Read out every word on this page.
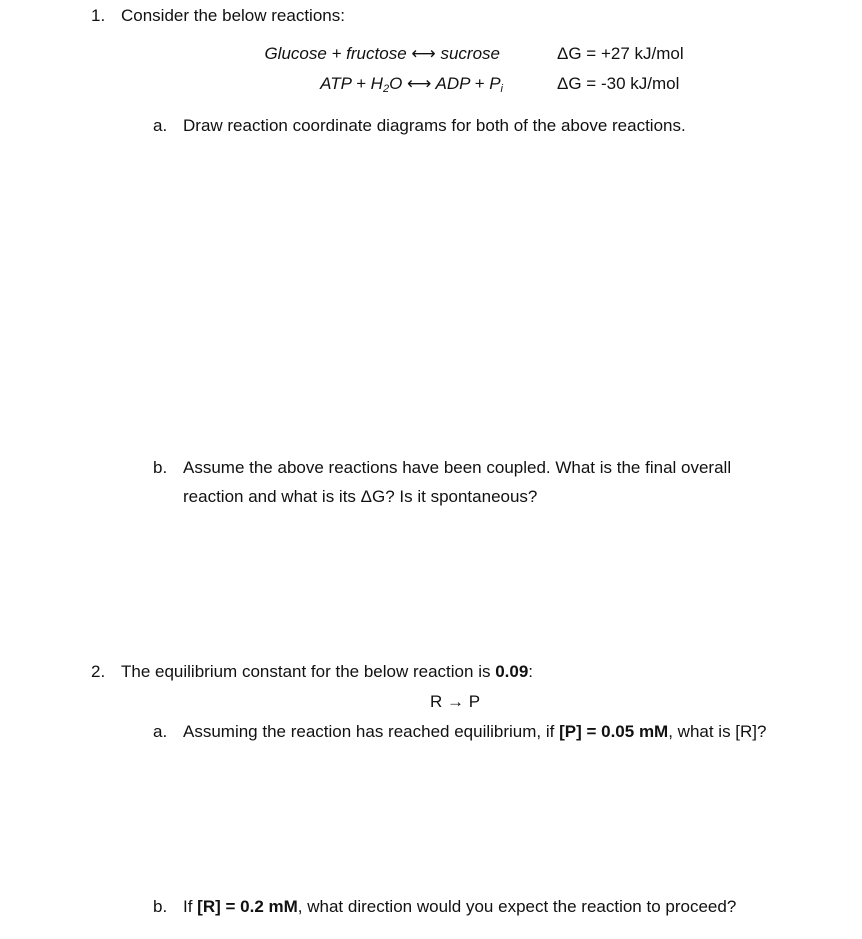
1. Consider the below reactions:
Glucose + fructose ⟷ sucrose	ΔG = +27 kJ/mol
ATP + $H_2O$ ⟷ ADP + $P_i$	ΔG = -30 kJ/mol
a. Draw reaction coordinate diagrams for both of the above reactions.
b. Assume the above reactions have been coupled. What is the final overall
reaction and what is its ΔG? Is it spontaneous?
2. The equilibrium constant for the below reaction is 0.09:
R → P
a. Assuming the reaction has reached equilibrium, if [P] = 0.05 mM, what is [R]?
b. If [R] = 0.2 mM, what direction would you expect the reaction to proceed?
